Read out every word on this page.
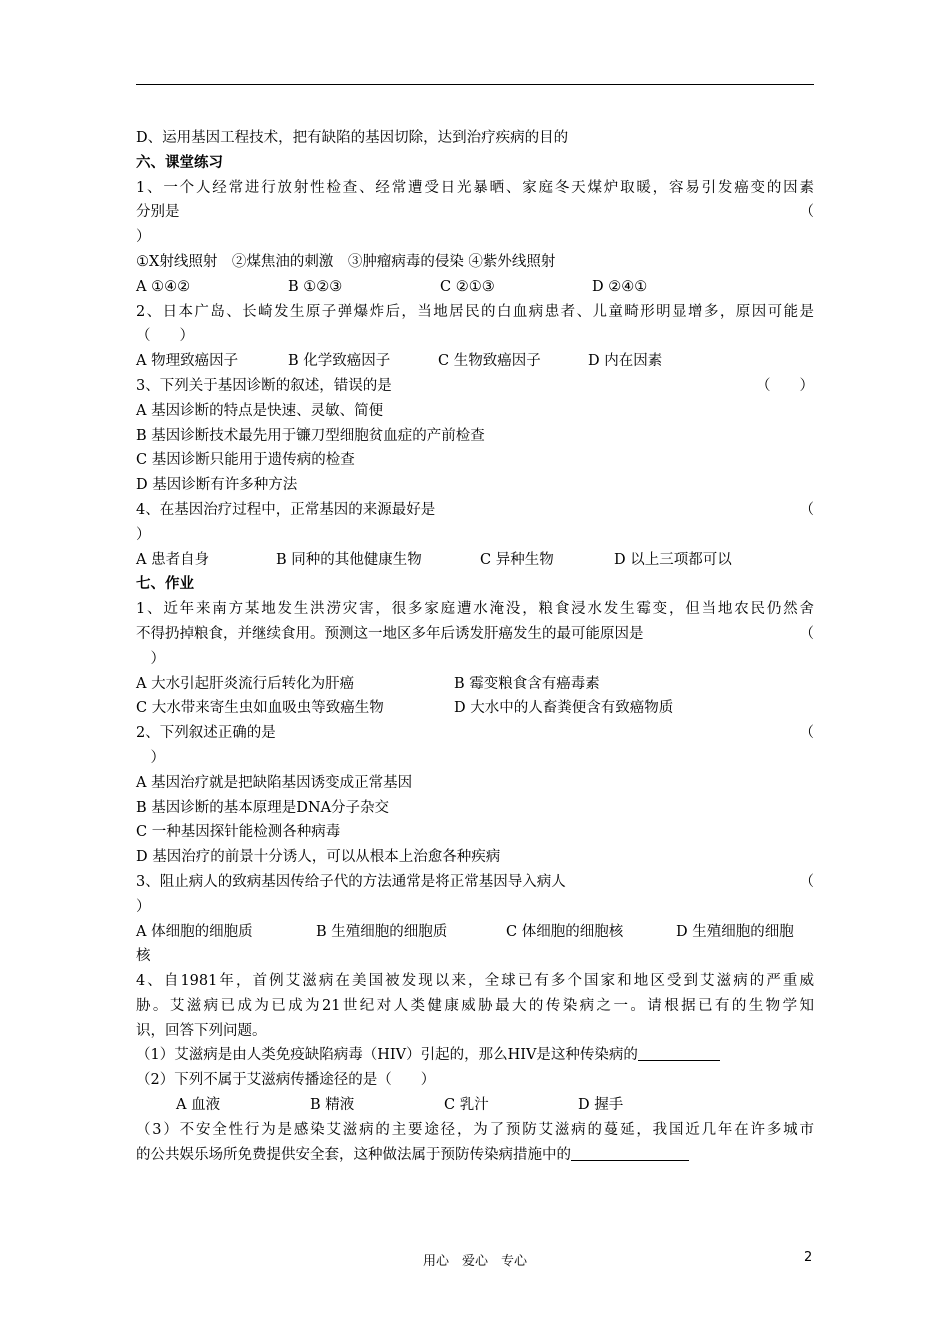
D、运用基因工程技术，把有缺陷的基因切除，达到治疗疾病的目的
六、课堂练习
1、一个人经常进行放射性检查、经常遭受日光暴晒、家庭冬天煤炉取暖，容易引发癌变的因素
分别是	（
）
①X射线照射　②煤焦油的刺激　③肿瘤病毒的侵染 ④紫外线照射
A ①④②	B ①②③	C ②①③	D ②④①
2、日本广岛、长崎发生原子弹爆炸后，当地居民的白血病患者、儿童畸形明显增多，原因可能是
（　　）
A 物理致癌因子	B 化学致癌因子	C 生物致癌因子	D 内在因素
3、下列关于基因诊断的叙述，错误的是	（　　）
A 基因诊断的特点是快速、灵敏、简便
B 基因诊断技术最先用于镰刀型细胞贫血症的产前检查
C 基因诊断只能用于遗传病的检查
D 基因诊断有许多种方法
4、在基因治疗过程中，正常基因的来源最好是	（
）
A 患者自身	B 同种的其他健康生物	C 异种生物	D 以上三项都可以
七、作业
1、近年来南方某地发生洪涝灾害，很多家庭遭水淹没，粮食浸水发生霉变，但当地农民仍然舍
不得扔掉粮食，并继续食用。预测这一地区多年后诱发肝癌发生的最可能原因是	（
　）
A 大水引起肝炎流行后转化为肝癌	B 霉变粮食含有癌毒素
C 大水带来寄生虫如血吸虫等致癌生物	D 大水中的人畜粪便含有致癌物质
2、下列叙述正确的是	（
　）
A 基因治疗就是把缺陷基因诱变成正常基因
B 基因诊断的基本原理是DNA分子杂交
C 一种基因探针能检测各种病毒
D 基因治疗的前景十分诱人，可以从根本上治愈各种疾病
3、阻止病人的致病基因传给子代的方法通常是将正常基因导入病人	（
）
A 体细胞的细胞质	B 生殖细胞的细胞质	C 体细胞的细胞核	D 生殖细胞的细胞
核
4、自1981年，首例艾滋病在美国被发现以来，全球已有多个国家和地区受到艾滋病的严重威
胁。艾滋病已成为已成为21世纪对人类健康威胁最大的传染病之一。请根据已有的生物学知
识，回答下列问题。
（1）艾滋病是由人类免疫缺陷病毒（HIV）引起的，那么HIV是这种传染病的
（2）下列不属于艾滋病传播途径的是（　　）
A 血液	B 精液	C 乳汁	D 握手
（3）不安全性行为是感染艾滋病的主要途径，为了预防艾滋病的蔓延，我国近几年在许多城市
的公共娱乐场所免费提供安全套，这种做法属于预防传染病措施中的
用心　爱心　专心	2
